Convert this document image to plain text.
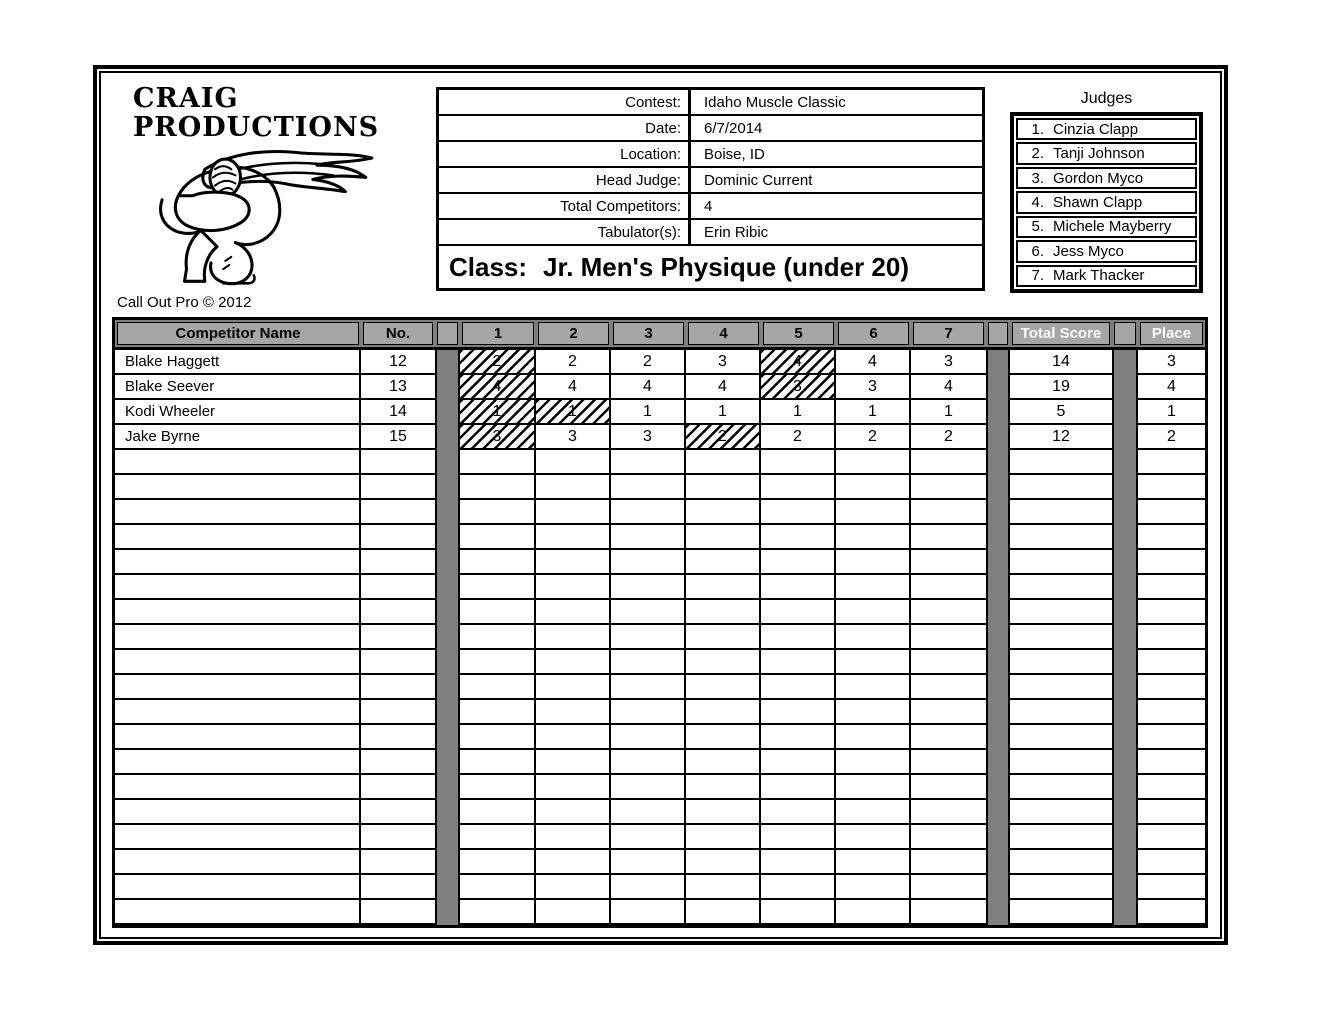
CRAIG
PRODUCTIONS
Call Out Pro © 2012
Contest:	Idaho Muscle Classic
Date:	6/7/2014
Location:	Boise, ID
Head Judge:	Dominic Current
Total Competitors:	4
Tabulator(s):	Erin Ribic
Class: Jr. Men's Physique (under 20)
Judges
1. Cinzia Clapp
2. Tanji Johnson
3. Gordon Myco
4. Shawn Clapp
5. Michele Mayberry
6. Jess Myco
7. Mark Thacker
Competitor Name	No.	1	2	3	4	5	6	7	Total Score	Place
Blake Haggett	12	2	2	2	3	4	4	3	14	3
Blake Seever	13	4	4	4	4	3	3	4	19	4
Kodi Wheeler	14	1	1	1	1	1	1	1	5	1
Jake Byrne	15	3	3	3	2	2	2	2	12	2
